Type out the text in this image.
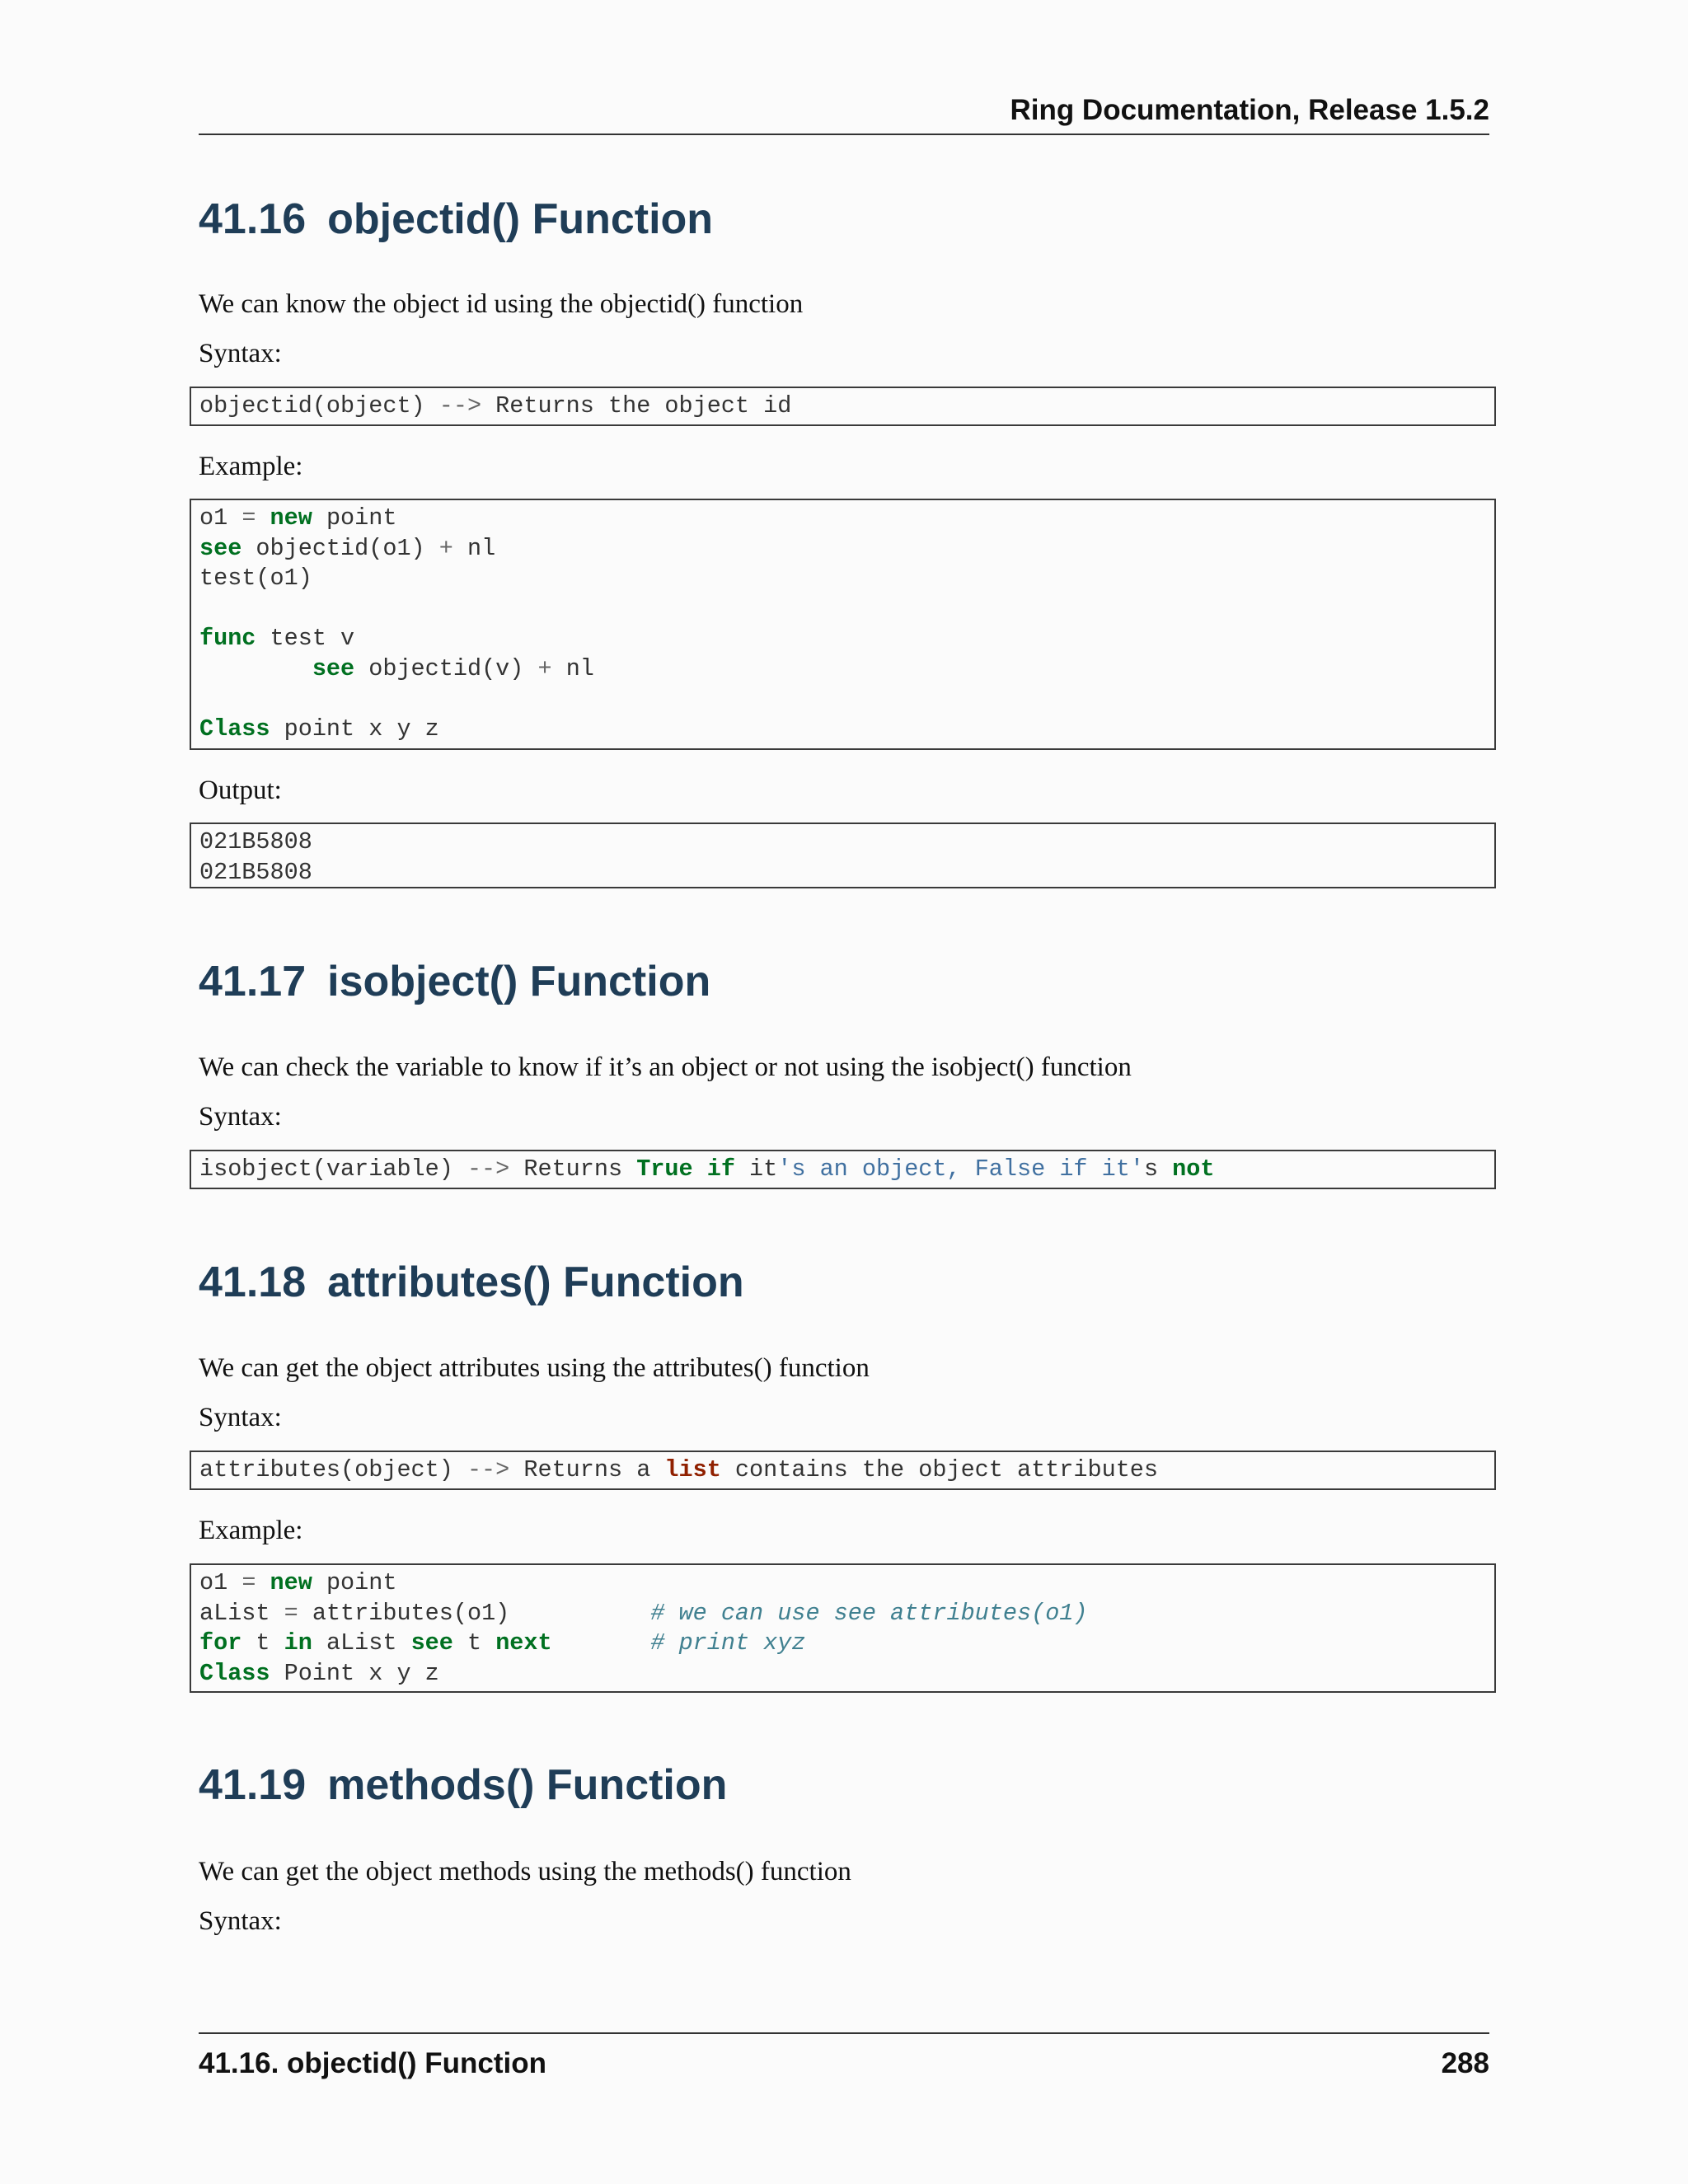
Ring Documentation, Release 1.5.2
41.16 objectid() Function

We can know the object id using the objectid() function

Syntax:

objectid(object) --> Returns the object id

Example:

o1 = new point
see objectid(o1) + nl
test(o1)
func test v
see objectid(v) + nl
Class point x y z

Output:

021B5808
021B5808
41.17 isobject() Function

We can check the variable to know if it’s an object or not using the isobject() function

Syntax:

isobject(variable) --> Returns True if it's an object, False if it's not
41.18 attributes() Function

We can get the object attributes using the attributes() function

Syntax:

attributes(object) --> Returns a list contains the object attributes

Example:

o1 = new point
aList = attributes(o1)          # we can use see attributes(o1)
for t in aList see t next	# print xyz
Class Point x y z
41.19 methods() Function

We can get the object methods using the methods() function

Syntax:

41.16. objectid() Function	288
